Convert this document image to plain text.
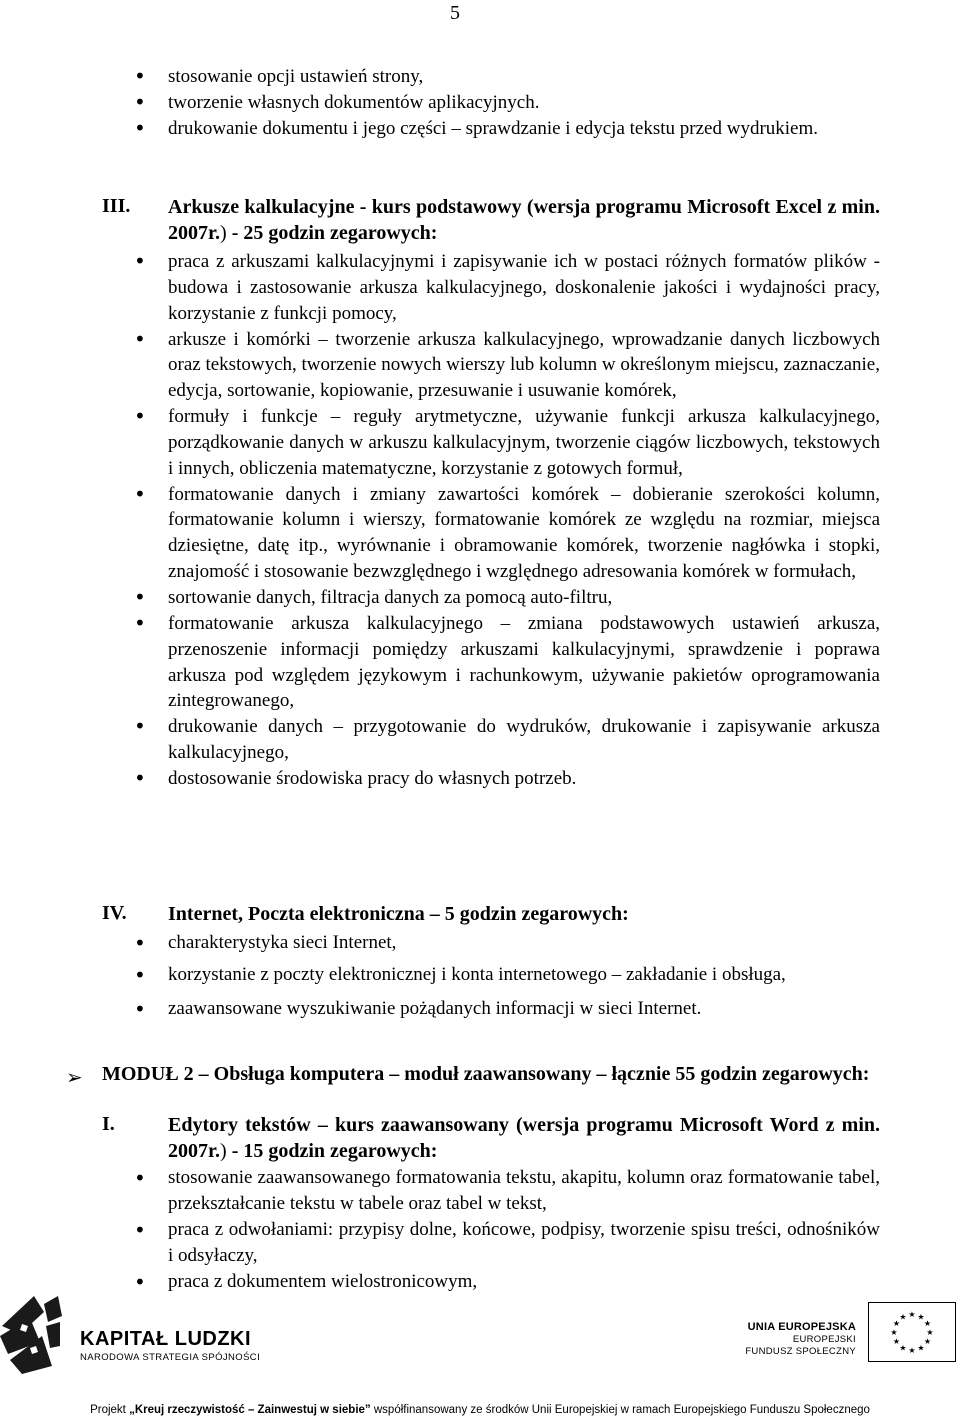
5
• stosowanie opcji ustawień strony,
• tworzenie własnych dokumentów aplikacyjnych.
• drukowanie dokumentu i jego części – sprawdzanie i edycja tekstu przed wydrukiem.
III.	Arkusze kalkulacyjne - kurs podstawowy (wersja programu Microsoft Excel z min. 2007r.) - 25 godzin zegarowych:
• praca z arkuszami kalkulacyjnymi i zapisywanie ich w postaci różnych formatów plików - budowa i zastosowanie arkusza kalkulacyjnego, doskonalenie jakości i wydajności pracy, korzystanie z funkcji pomocy,
• arkusze i komórki – tworzenie arkusza kalkulacyjnego, wprowadzanie danych liczbowych oraz tekstowych, tworzenie nowych wierszy lub kolumn w określonym miejscu, zaznaczanie, edycja, sortowanie, kopiowanie, przesuwanie i usuwanie komórek,
• formuły i funkcje – reguły arytmetyczne, używanie funkcji arkusza kalkulacyjnego, porządkowanie danych w arkuszu kalkulacyjnym, tworzenie ciągów liczbowych, tekstowych i innych, obliczenia matematyczne, korzystanie z gotowych formuł,
• formatowanie danych i zmiany zawartości komórek – dobieranie szerokości kolumn, formatowanie kolumn i wierszy, formatowanie komórek ze względu na rozmiar, miejsca dziesiętne, datę itp., wyrównanie i obramowanie komórek, tworzenie nagłówka i stopki, znajomość i stosowanie bezwzględnego i względnego adresowania komórek w formułach,
• sortowanie danych, filtracja danych za pomocą auto-filtru,
• formatowanie arkusza kalkulacyjnego – zmiana podstawowych ustawień arkusza, przenoszenie informacji pomiędzy arkuszami kalkulacyjnymi, sprawdzenie i poprawa arkusza pod względem językowym i rachunkowym, używanie pakietów oprogramowania zintegrowanego,
• drukowanie danych – przygotowanie do wydruków, drukowanie i zapisywanie arkusza kalkulacyjnego,
• dostosowanie środowiska pracy do własnych potrzeb.
IV.	Internet, Poczta elektroniczna – 5 godzin zegarowych:
• charakterystyka sieci Internet,
• korzystanie z poczty elektronicznej i konta internetowego – zakładanie i obsługa,
• zaawansowane wyszukiwanie pożądanych informacji w sieci Internet.
➢ MODUŁ 2 – Obsługa komputera – moduł zaawansowany – łącznie 55 godzin zegarowych:
I.	Edytory tekstów – kurs zaawansowany (wersja programu Microsoft Word z min. 2007r.) - 15 godzin zegarowych:
• stosowanie zaawansowanego formatowania tekstu, akapitu, kolumn oraz formatowanie tabel, przekształcanie tekstu w tabele oraz tabel w tekst,
• praca z odwołaniami: przypisy dolne, końcowe, podpisy, tworzenie spisu treści, odnośników i odsyłaczy,
• praca z dokumentem wielostronicowym,
KAPITAŁ LUDZKI
NARODOWA STRATEGIA SPÓJNOŚCI
UNIA EUROPEJSKA
EUROPEJSKI
FUNDUSZ SPOŁECZNY
★ ★
★
★
★
★
★
★
★
★
★
★
Projekt „Kreuj rzeczywistość – Zainwestuj w siebie” współfinansowany ze środków Unii Europejskiej w ramach Europejskiego Funduszu Społecznego
